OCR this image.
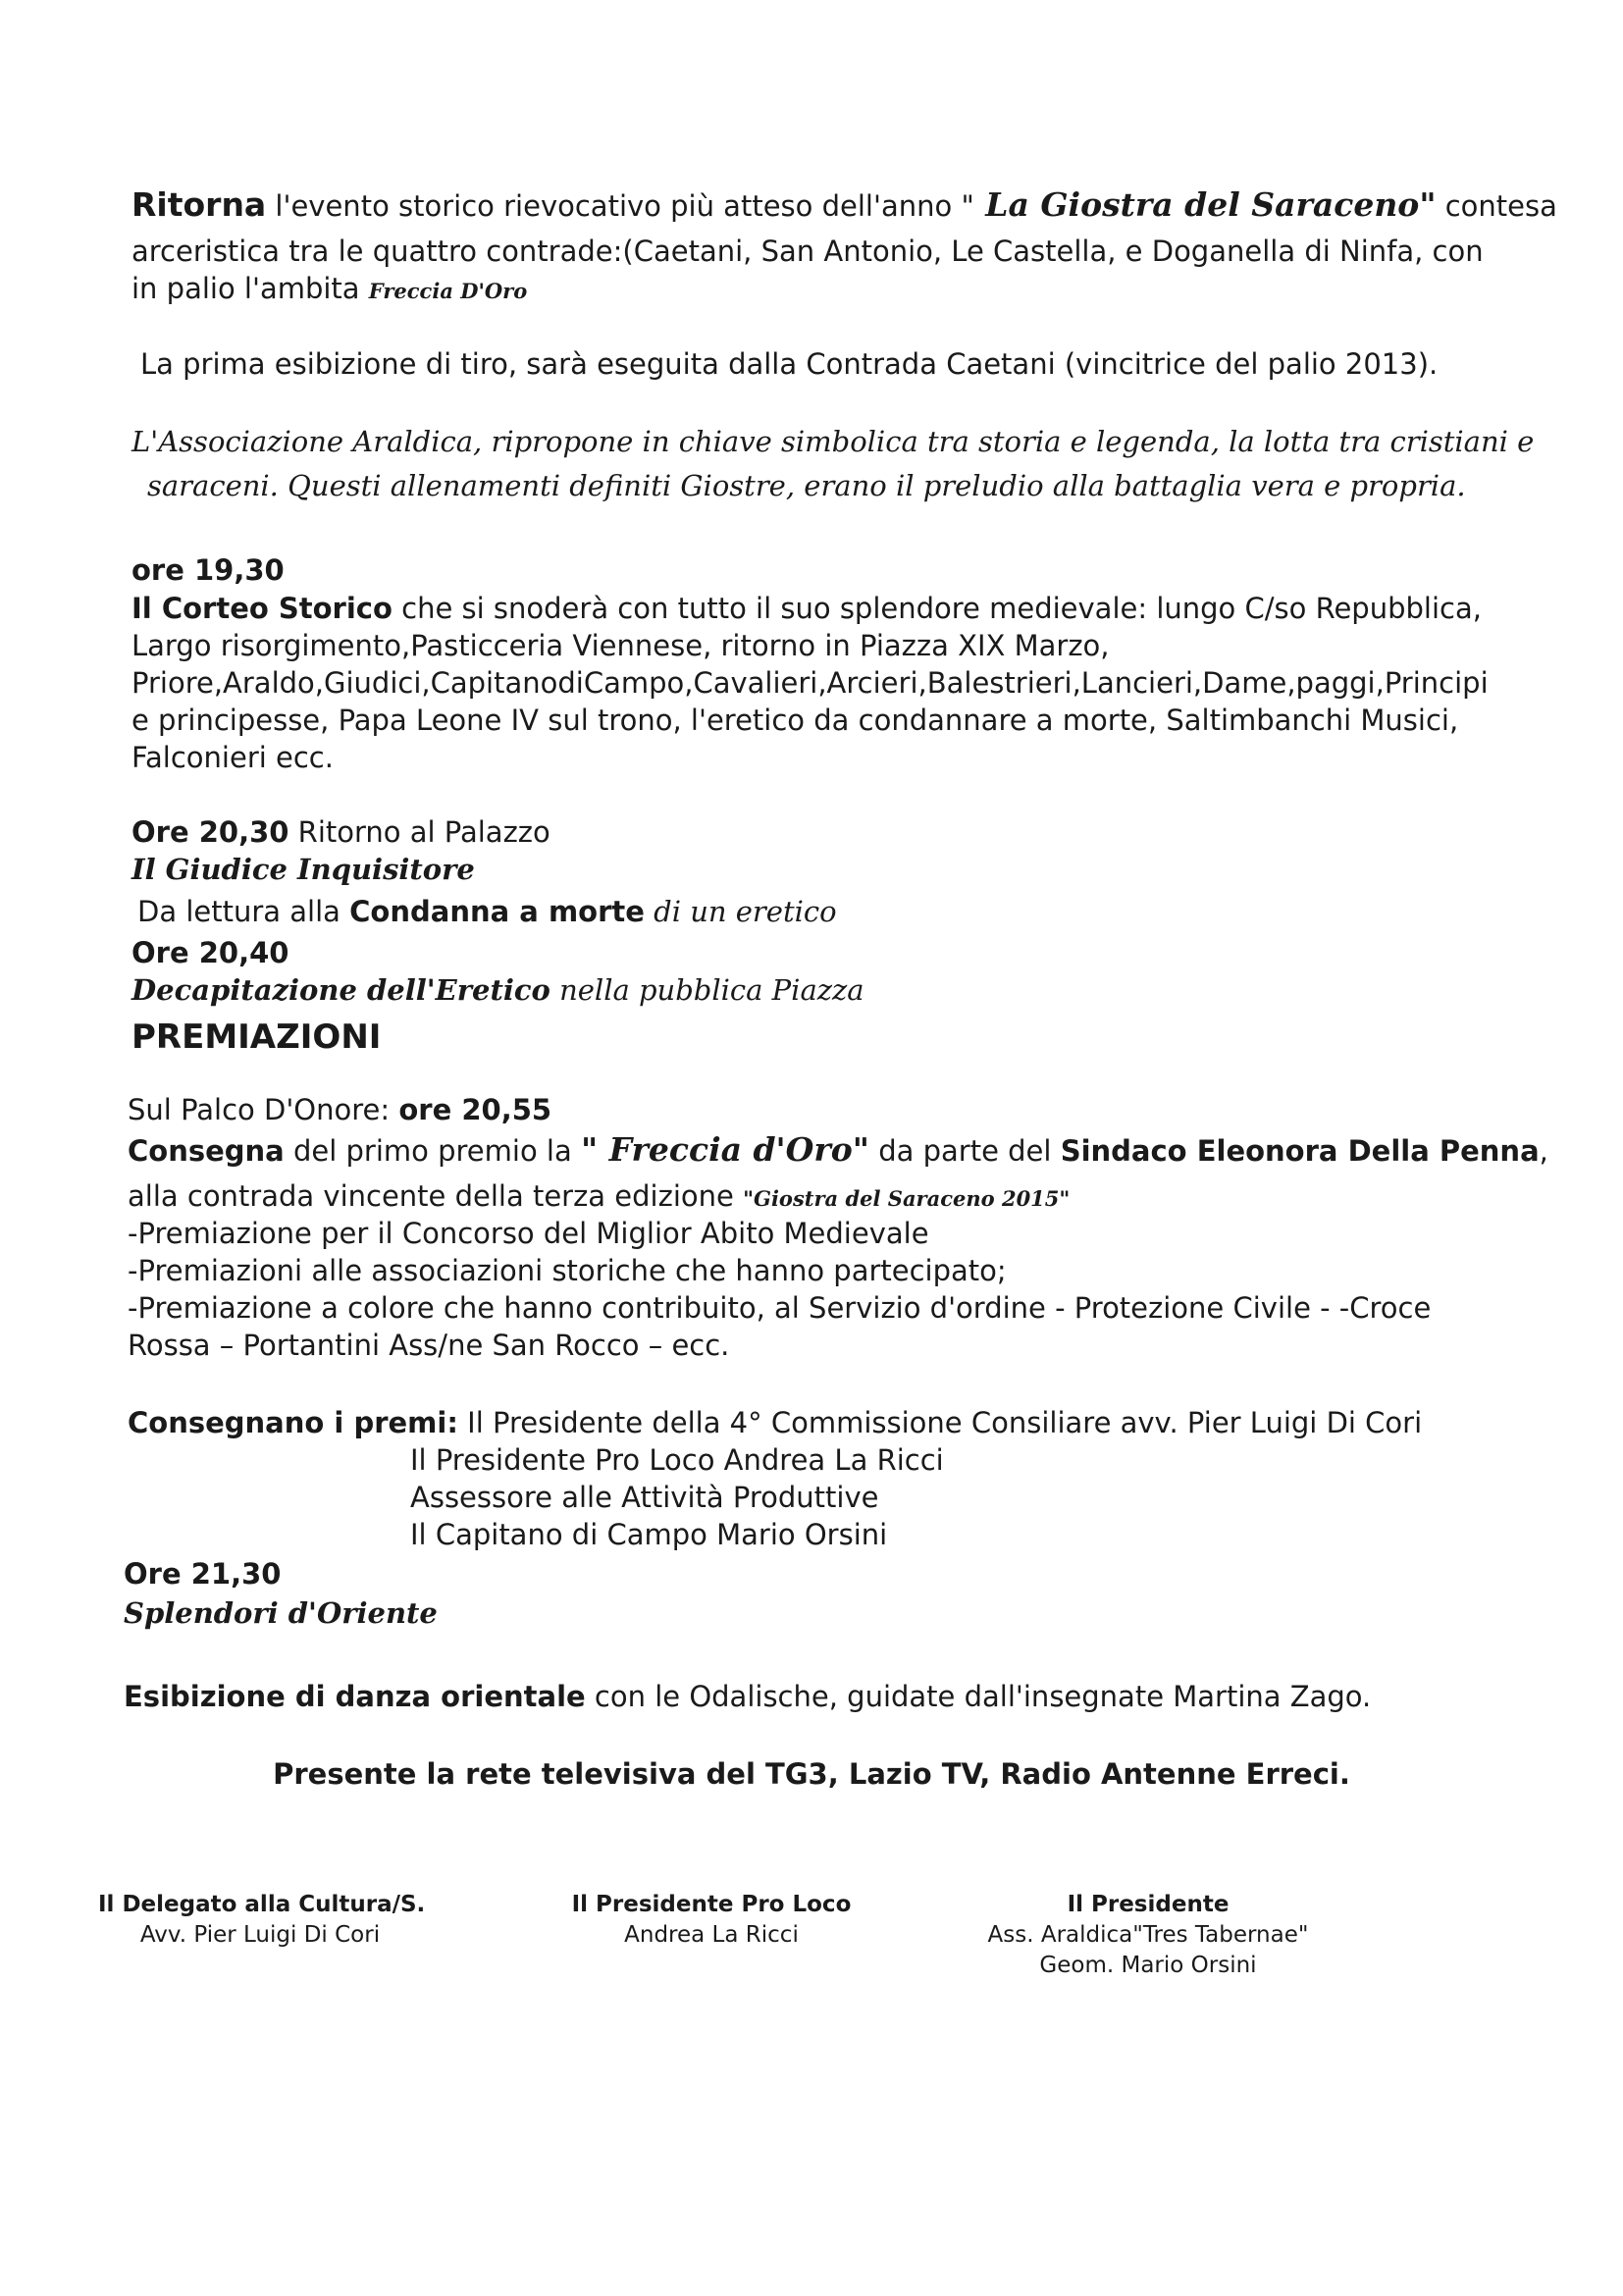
Ritorna l'evento storico rievocativo più atteso dell'anno " La Giostra del Saraceno" contesa

arceristica tra le quattro contrade:(Caetani, San Antonio, Le Castella, e Doganella di Ninfa, con

in palio l'ambita Freccia D'Oro

La prima esibizione di tiro, sarà eseguita dalla Contrada Caetani (vincitrice del palio 2013).

L'Associazione Araldica, ripropone in chiave simbolica tra storia e legenda, la lotta tra cristiani e

saraceni. Questi allenamenti definiti Giostre, erano il preludio alla battaglia vera e propria.

ore 19,30

Il Corteo Storico che si snoderà con tutto il suo splendore medievale: lungo C/so Repubblica,

Largo risorgimento,Pasticceria Viennese, ritorno in Piazza XIX Marzo,

Priore,Araldo,Giudici,CapitanodiCampo,Cavalieri,Arcieri,Balestrieri,Lancieri,Dame,paggi,Principi

e principesse, Papa Leone IV sul trono, l'eretico da condannare a morte, Saltimbanchi Musici,

Falconieri ecc.

Ore 20,30 Ritorno al Palazzo

Il Giudice Inquisitore

Da lettura alla Condanna a morte di un eretico

Ore 20,40

Decapitazione dell'Eretico nella pubblica Piazza

PREMIAZIONI

Sul Palco D'Onore: ore 20,55

Consegna del primo premio la " Freccia d'Oro" da parte del Sindaco Eleonora Della Penna,

alla contrada vincente della terza edizione "Giostra del Saraceno 2015"

-Premiazione per il Concorso del Miglior Abito Medievale

-Premiazioni alle associazioni storiche che hanno partecipato;

-Premiazione a colore che hanno contribuito, al Servizio d'ordine - Protezione Civile - -Croce

Rossa – Portantini Ass/ne San Rocco – ecc.

Consegnano i premi: Il Presidente della 4° Commissione Consiliare avv. Pier Luigi Di Cori

Il Presidente Pro Loco Andrea La Ricci

Assessore alle Attività Produttive

Il Capitano di Campo Mario Orsini

Ore 21,30

Splendori d'Oriente

Esibizione di danza orientale con le Odalische, guidate dall'insegnate Martina Zago.

Presente la rete televisiva del TG3, Lazio TV, Radio Antenne Erreci.

Il Delegato alla Cultura/S.
Avv. Pier Luigi Di Cori
Il Presidente Pro Loco
Andrea La Ricci
Il Presidente
Ass. Araldica"Tres Tabernae"
Geom. Mario Orsini
